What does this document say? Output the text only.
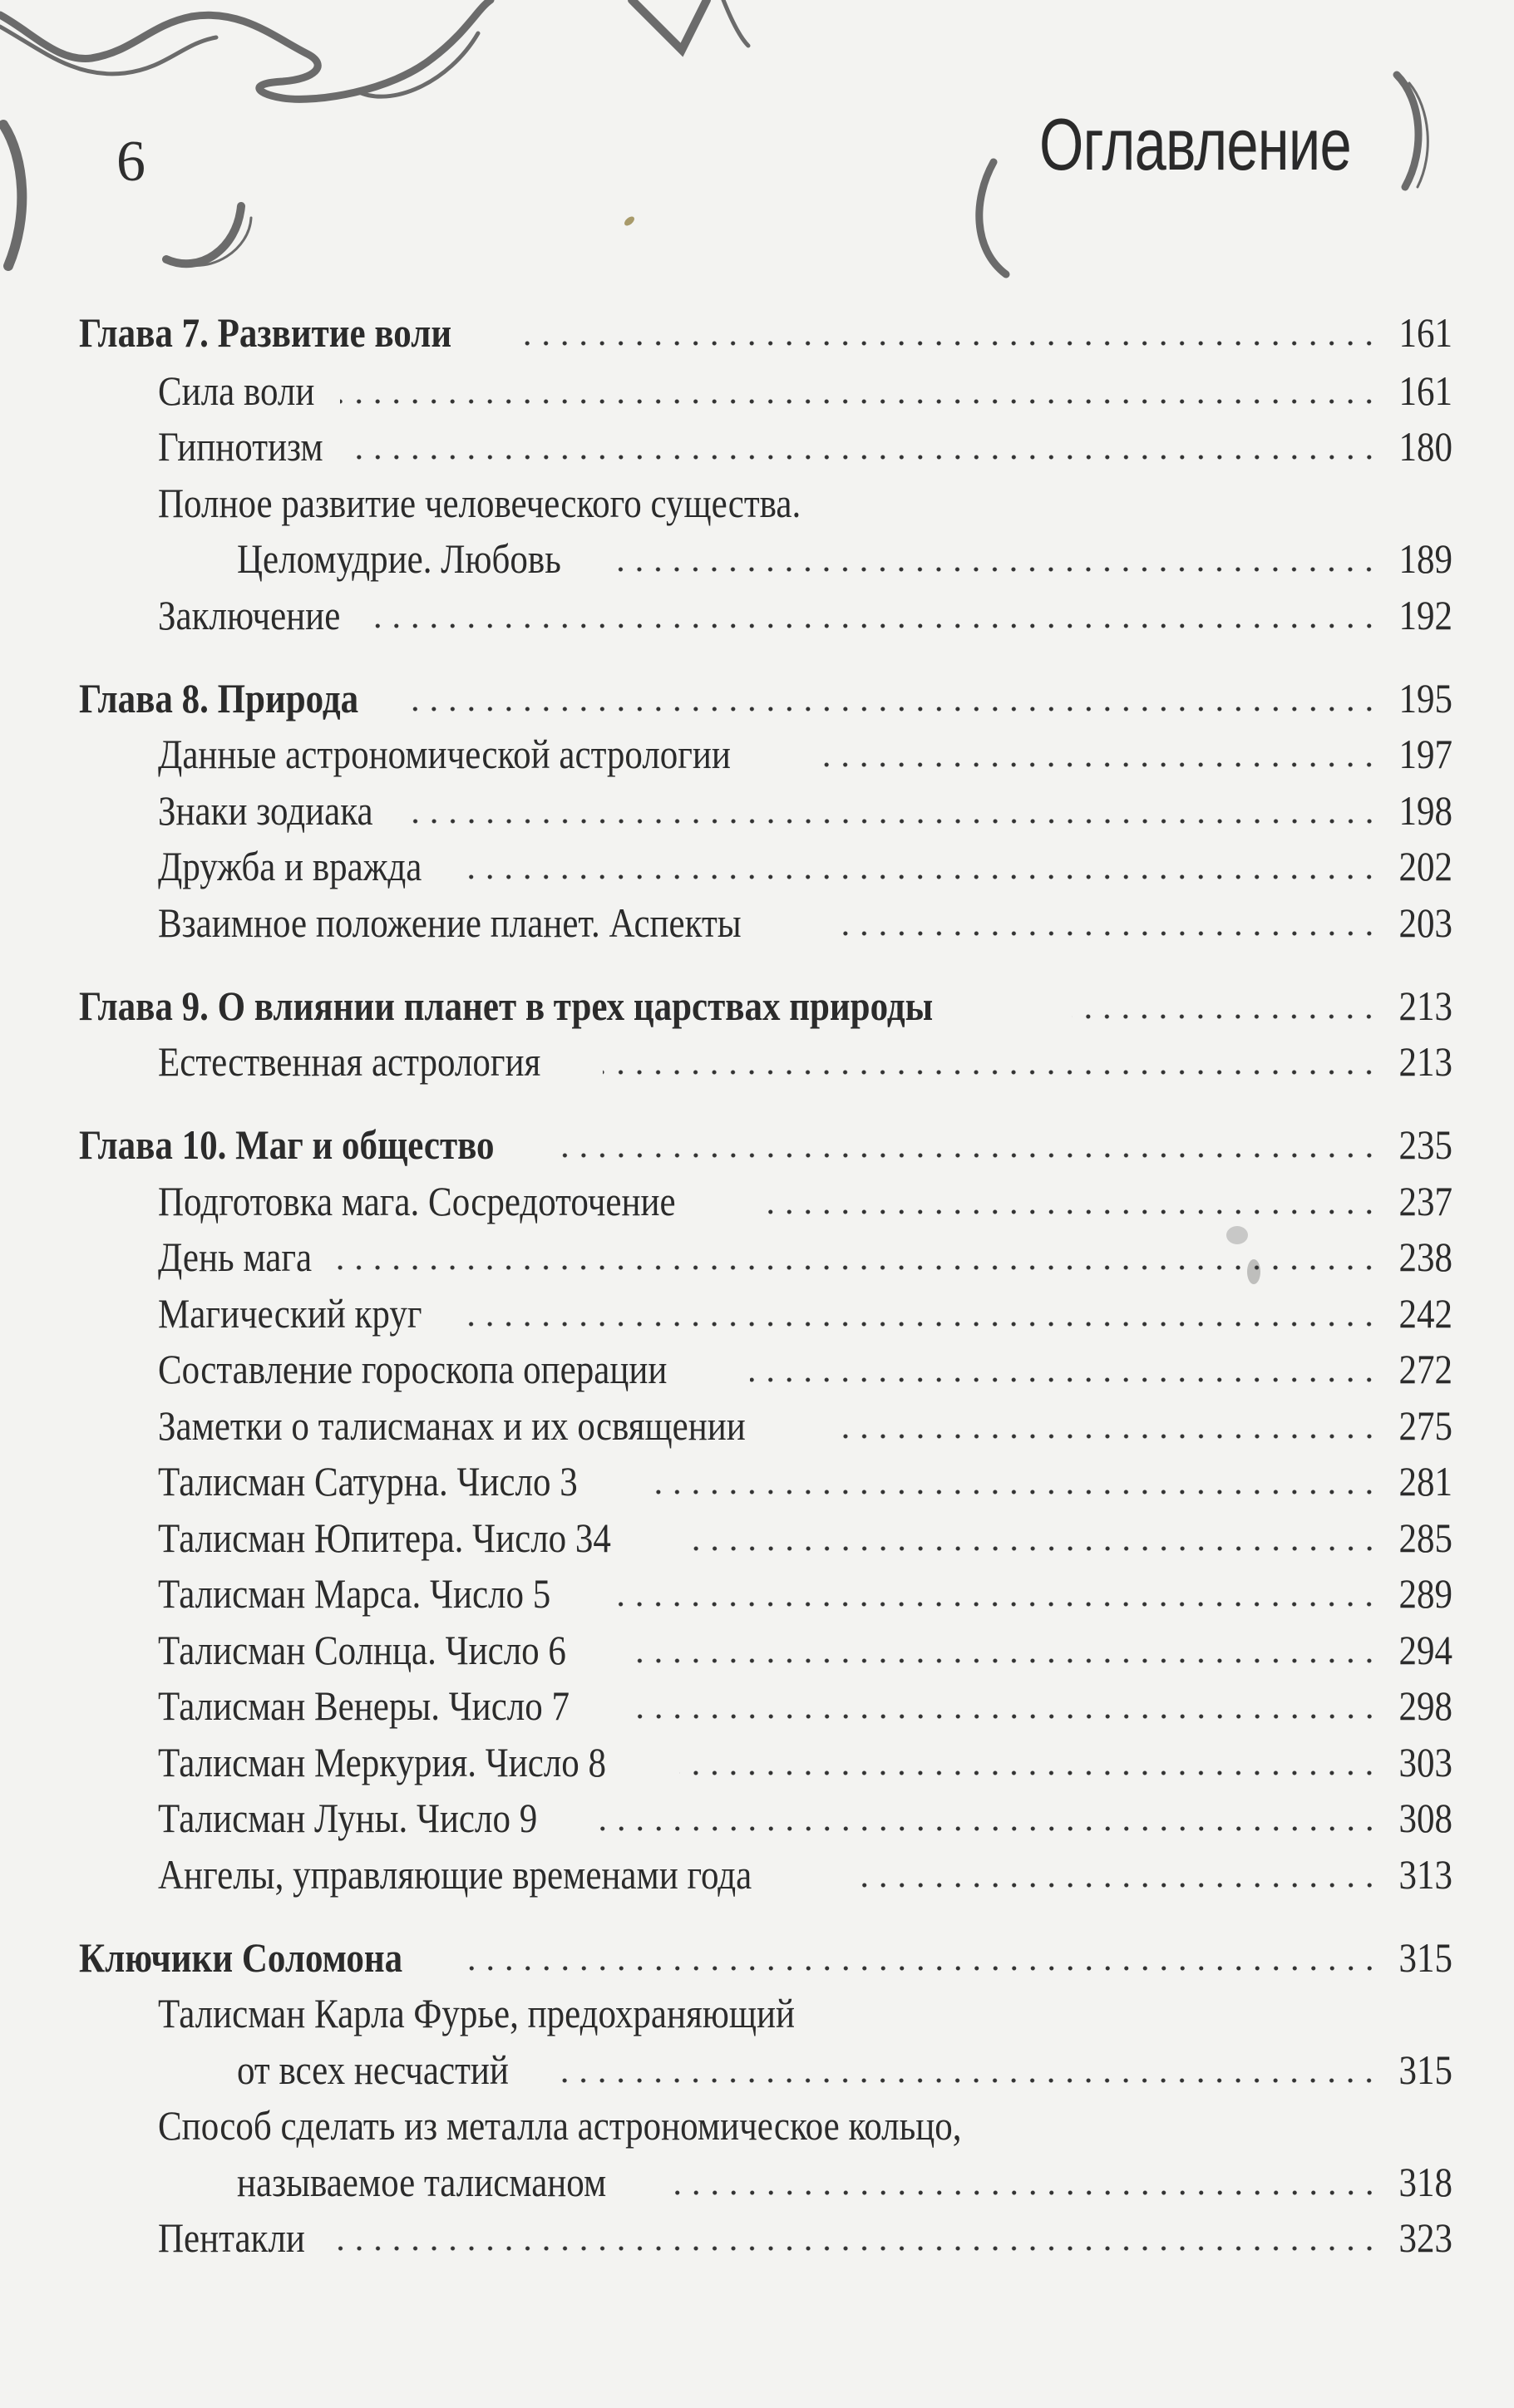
6	Оглавление
Глава 7. Развитие воли	161
Сила воли	161
Гипнотизм	180
Полное развитие человеческого существа.
Целомудрие. Любовь	189
Заключение	192
Глава 8. Природа	195
Данные астрономической астрологии	197
Знаки зодиака	198
Дружба и вражда	202
Взаимное положение планет. Аспекты	203
Глава 9. О влиянии планет в трех царствах природы	213
Естественная астрология	213
Глава 10. Маг и общество	235
Подготовка мага. Сосредоточение	237
День мага	238
Магический круг	242
Составление гороскопа операции	272
Заметки о талисманах и их освящении	275
Талисман Сатурна. Число 3	281
Талисман Юпитера. Число 34	285
Талисман Марса. Число 5	289
Талисман Солнца. Число 6	294
Талисман Венеры. Число 7	298
Талисман Меркурия. Число 8	303
Талисман Луны. Число 9	308
Ангелы, управляющие временами года	313
Ключики Соломона	315
Талисман Карла Фурье, предохраняющий
от всех несчастий	315
Способ сделать из металла астрономическое кольцо,
называемое талисманом	318
Пентакли	323
